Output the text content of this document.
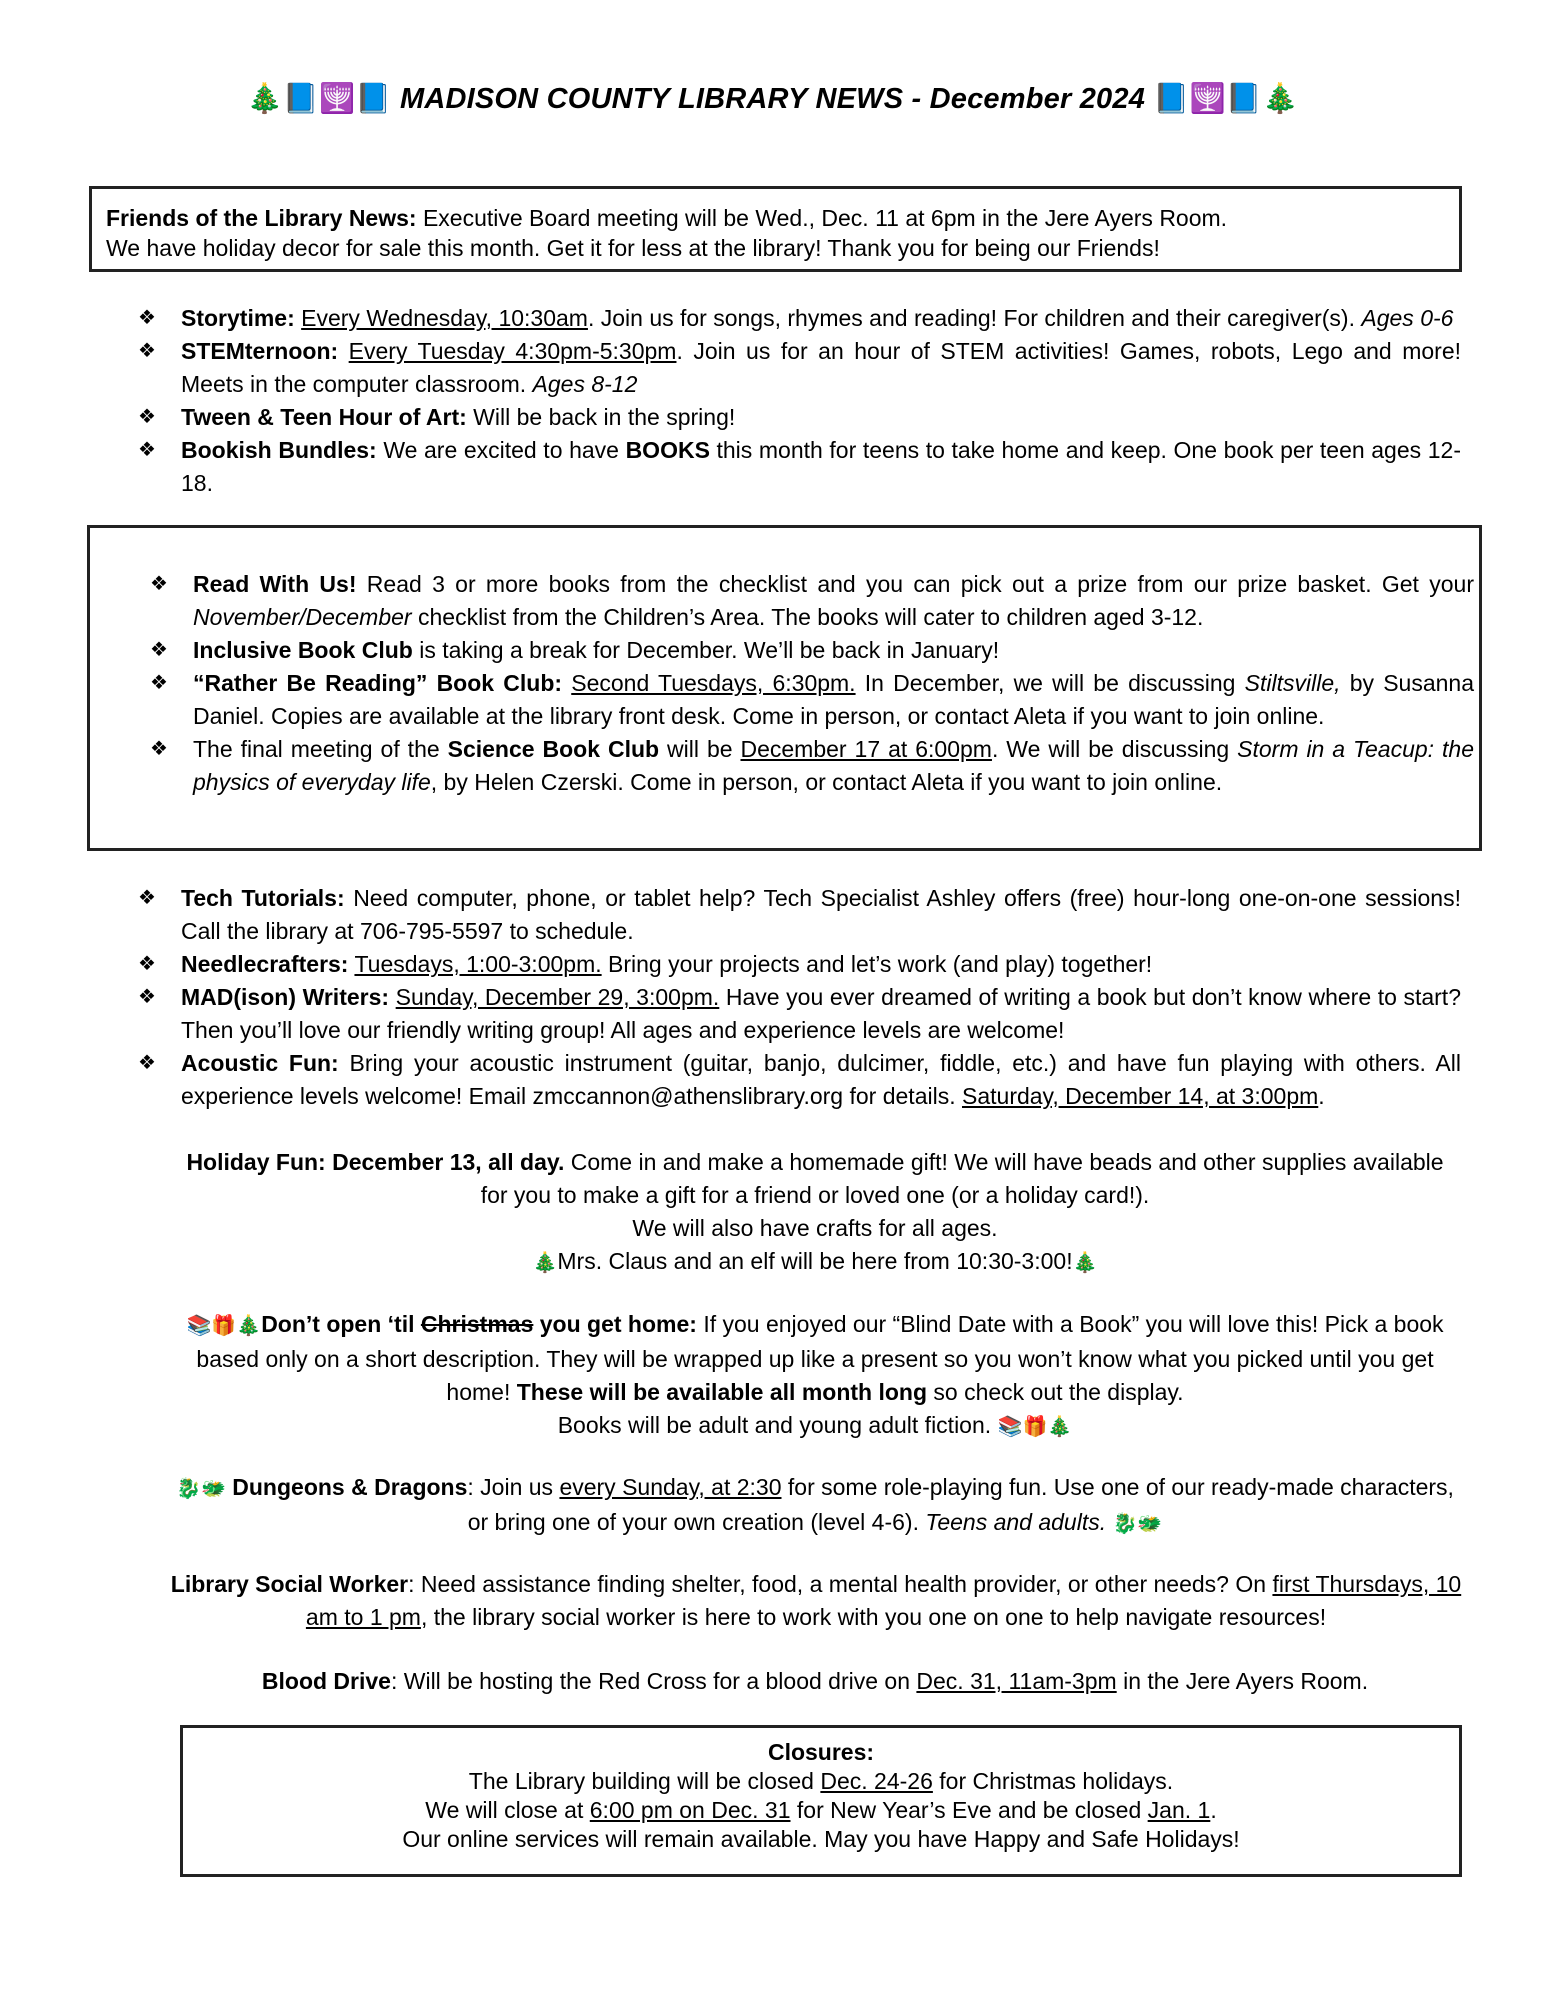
🎄📘🕎📘 MADISON COUNTY LIBRARY NEWS - December 2024 📘🕎📘🎄
Friends of the Library News: Executive Board meeting will be Wed., Dec. 11 at 6pm in the Jere Ayers Room.
We have holiday decor for sale this month. Get it for less at the library! Thank you for being our Friends!
❖ Storytime: Every Wednesday, 10:30am. Join us for songs, rhymes and reading! For children and their caregiver(s). Ages 0-6
❖ STEMternoon: Every Tuesday 4:30pm-5:30pm. Join us for an hour of STEM activities! Games, robots, Lego and more! Meets in the computer classroom. Ages 8-12
❖ Tween & Teen Hour of Art: Will be back in the spring!
❖ Bookish Bundles: We are excited to have BOOKS this month for teens to take home and keep. One book per teen ages 12-18.
❖ Read With Us! Read 3 or more books from the checklist and you can pick out a prize from our prize basket. Get your November/December checklist from the Children’s Area. The books will cater to children aged 3-12.
❖ Inclusive Book Club is taking a break for December. We’ll be back in January!
❖ “Rather Be Reading” Book Club: Second Tuesdays, 6:30pm. In December, we will be discussing Stiltsville, by Susanna Daniel. Copies are available at the library front desk. Come in person, or contact Aleta if you want to join online.
❖ The final meeting of the Science Book Club will be December 17 at 6:00pm. We will be discussing Storm in a Teacup: the physics of everyday life, by Helen Czerski. Come in person, or contact Aleta if you want to join online.
❖ Tech Tutorials: Need computer, phone, or tablet help? Tech Specialist Ashley offers (free) hour-long one-on-one sessions! Call the library at 706-795-5597 to schedule.
❖ Needlecrafters: Tuesdays, 1:00-3:00pm. Bring your projects and let’s work (and play) together!
❖ MAD(ison) Writers: Sunday, December 29, 3:00pm. Have you ever dreamed of writing a book but don’t know where to start? Then you’ll love our friendly writing group! All ages and experience levels are welcome!
❖ Acoustic Fun: Bring your acoustic instrument (guitar, banjo, dulcimer, fiddle, etc.) and have fun playing with others. All experience levels welcome! Email zmccannon@athenslibrary.org for details. Saturday, December 14, at 3:00pm.
Holiday Fun: December 13, all day. Come in and make a homemade gift! We will have beads and other supplies available for you to make a gift for a friend or loved one (or a holiday card!).
We will also have crafts for all ages.
🎄Mrs. Claus and an elf will be here from 10:30-3:00!🎄
📚🎁🎄Don’t open ‘til Christmas you get home: If you enjoyed our “Blind Date with a Book” you will love this! Pick a book based only on a short description. They will be wrapped up like a present so you won’t know what you picked until you get home! These will be available all month long so check out the display.
Books will be adult and young adult fiction. 📚🎁🎄
🐉🐲 Dungeons & Dragons: Join us every Sunday, at 2:30 for some role-playing fun. Use one of our ready-made characters, or bring one of your own creation (level 4-6). Teens and adults. 🐉🐲
Library Social Worker: Need assistance finding shelter, food, a mental health provider, or other needs? On first Thursdays, 10 am to 1 pm, the library social worker is here to work with you one on one to help navigate resources!
Blood Drive: Will be hosting the Red Cross for a blood drive on Dec. 31, 11am-3pm in the Jere Ayers Room.
Closures:
The Library building will be closed Dec. 24-26 for Christmas holidays.
We will close at 6:00 pm on Dec. 31 for New Year’s Eve and be closed Jan. 1.
Our online services will remain available. May you have Happy and Safe Holidays!
